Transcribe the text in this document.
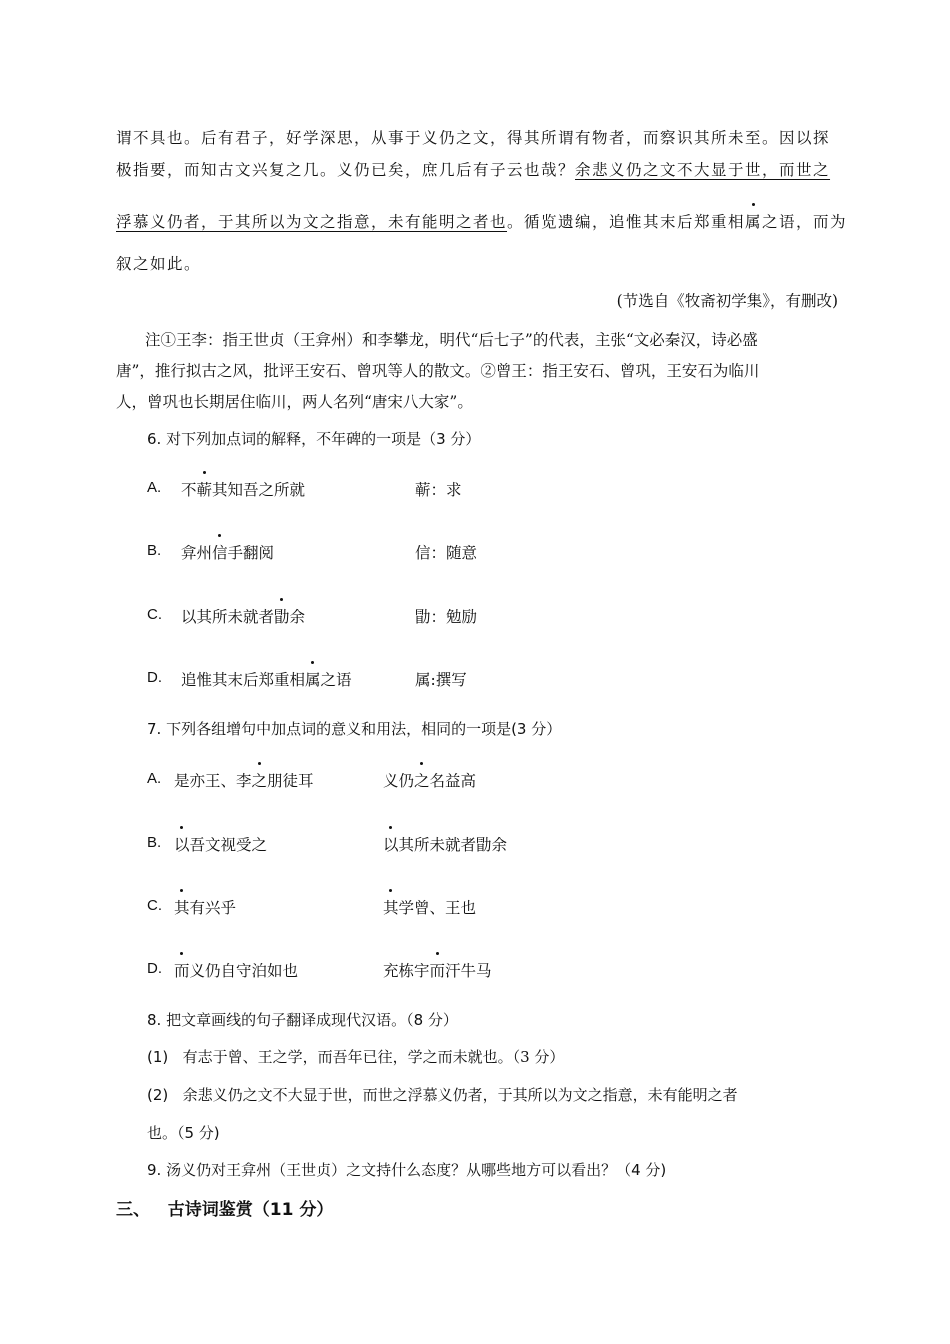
谓不具也。后有君子，好学深思，从事于义仍之文，得其所谓有物者，而察识其所未至。因以探
极指要，而知古文兴复之几。义仍已矣，庶几后有子云也哉？余悲义仍之文不大显于世，而世之
浮慕义仍者，于其所以为文之指意，未有能明之者也。循览遗编，追惟其末后郑重相属之语，而为
叙之如此。
(节选自《牧斋初学集》，有删改)
注①王李：指王世贞（王弇州）和李攀龙，明代“后七子”的代表，主张“文必秦汉，诗必盛
唐”，推行拟古之风，批评王安石、曾巩等人的散文。②曾王：指王安石、曾巩，王安石为临川
人，曾巩也长期居住临川，两人名列“唐宋八大家”。
6. 对下列加点词的解释，不年碑的一项是（3 分）
A. 不蕲其知吾之所就	蕲：求
B. 弇州信手翻阅	信：随意
C. 以其所未就者勖余	勖：勉励
D. 追惟其末后郑重相属之语	属:撰写
7. 下列各组增句中加点词的意义和用法，相同的一项是(3 分）
A. 是亦王、李之朋徒耳	义仍之名益高
B. 以吾文视受之	以其所未就者勖余
C. 其有兴乎	其学曾、王也
D. 而义仍自守泊如也	充栋宇而汗牛马
8. 把文章画线的句子翻译成现代汉语。（8 分）
(1) 有志于曾、王之学，而吾年已往，学之而未就也。（3 分）
(2) 余悲义仍之文不大显于世，而世之浮慕义仍者，于其所以为文之指意，未有能明之者
也。（5 分)
9. 汤义仍对王弇州（王世贞）之文持什么态度？从哪些地方可以看出？（4 分)
三、 古诗词鉴赏（11 分）
